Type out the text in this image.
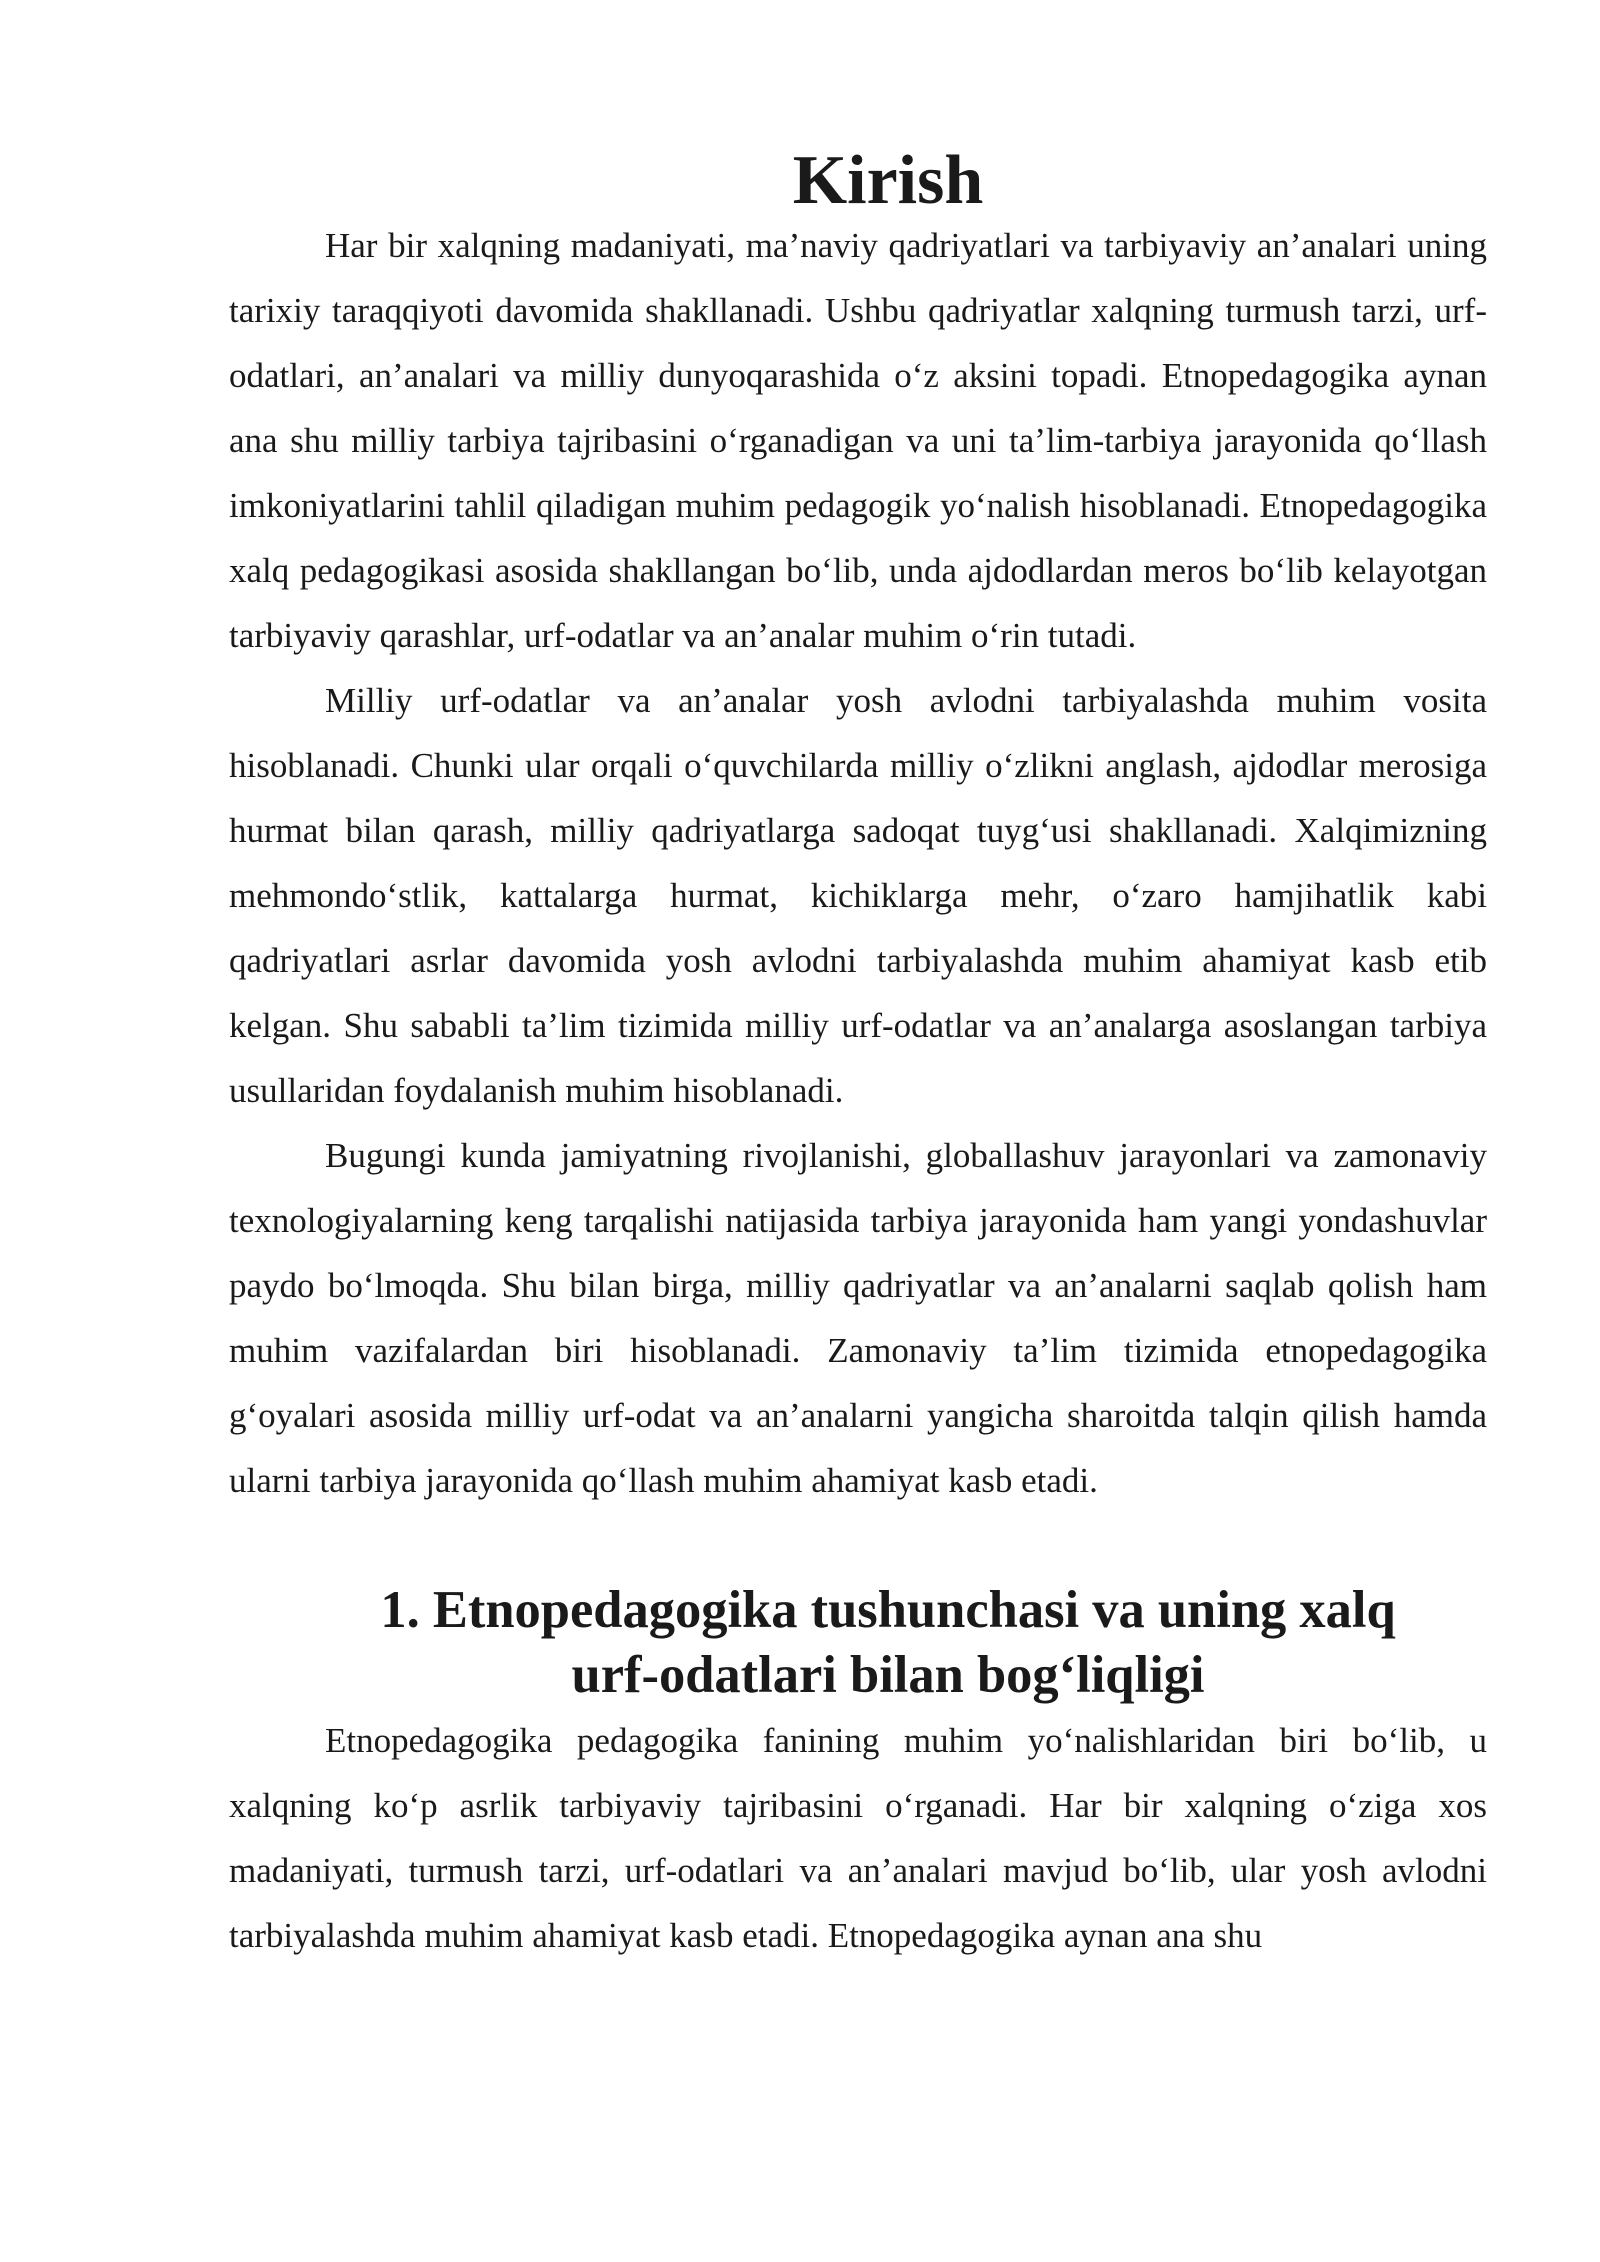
Kirish

Har bir xalqning madaniyati, ma’naviy qadriyatlari va tarbiyaviy an’analari uning tarixiy taraqqiyoti davomida shakllanadi. Ushbu qadriyatlar xalqning turmush tarzi, urf-odatlari, an’analari va milliy dunyoqarashida o‘z aksini topadi. Etnopedagogika aynan ana shu milliy tarbiya tajribasini o‘rganadigan va uni ta’lim-tarbiya jarayonida qo‘llash imkoniyatlarini tahlil qiladigan muhim pedagogik yo‘nalish hisoblanadi. Etnopedagogika xalq pedagogikasi asosida shakllangan bo‘lib, unda ajdodlardan meros bo‘lib kelayotgan tarbiyaviy qarashlar, urf-odatlar va an’analar muhim o‘rin tutadi.

Milliy urf-odatlar va an’analar yosh avlodni tarbiyalashda muhim vosita hisoblanadi. Chunki ular orqali o‘quvchilarda milliy o‘zlikni anglash, ajdodlar merosiga hurmat bilan qarash, milliy qadriyatlarga sadoqat tuyg‘usi shakllanadi. Xalqimizning mehmondo‘stlik, kattalarga hurmat, kichiklarga mehr, o‘zaro hamjihatlik kabi qadriyatlari asrlar davomida yosh avlodni tarbiyalashda muhim ahamiyat kasb etib kelgan. Shu sababli ta’lim tizimida milliy urf-odatlar va an’analarga asoslangan tarbiya usullaridan foydalanish muhim hisoblanadi.

Bugungi kunda jamiyatning rivojlanishi, globallashuv jarayonlari va zamonaviy texnologiyalarning keng tarqalishi natijasida tarbiya jarayonida ham yangi yondashuvlar paydo bo‘lmoqda. Shu bilan birga, milliy qadriyatlar va an’analarni saqlab qolish ham muhim vazifalardan biri hisoblanadi. Zamonaviy ta’lim tizimida etnopedagogika g‘oyalari asosida milliy urf-odat va an’analarni yangicha sharoitda talqin qilish hamda ularni tarbiya jarayonida qo‘llash muhim ahamiyat kasb etadi.

1. Etnopedagogika tushunchasi va uning xalq urf-odatlari bilan bog‘liqligi

Etnopedagogika pedagogika fanining muhim yo‘nalishlaridan biri bo‘lib, u xalqning ko‘p asrlik tarbiyaviy tajribasini o‘rganadi. Har bir xalqning o‘ziga xos madaniyati, turmush tarzi, urf-odatlari va an’analari mavjud bo‘lib, ular yosh avlodni tarbiyalashda muhim ahamiyat kasb etadi. Etnopedagogika aynan ana shu
